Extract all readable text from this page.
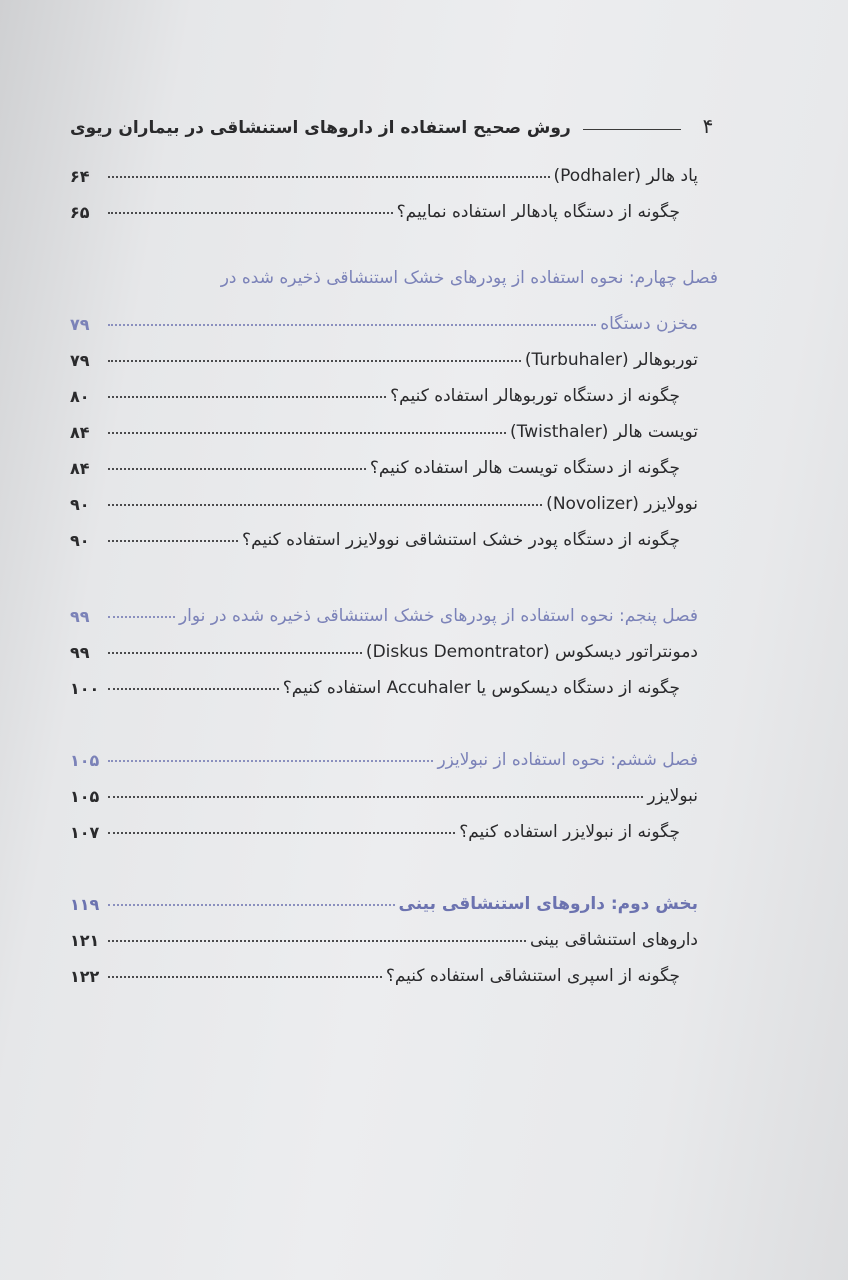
۴
روش صحیح استفاده از داروهای استنشاقی در بیماران ریوی
پاد هالر (Podhaler)
۶۴
چگونه از دستگاه پادهالر استفاده نماییم؟
۶۵
فصل چهارم: نحوه استفاده از پودرهای خشک استنشاقی ذخیره شده در
مخزن دستگاه
۷۹
توربوهالر (Turbuhaler)
۷۹
چگونه از دستگاه توربوهالر استفاده کنیم؟
۸۰
تویست هالر (Twisthaler)
۸۴
چگونه از دستگاه تویست هالر استفاده کنیم؟
۸۴
نوولایزر (Novolizer)
۹۰
چگونه از دستگاه پودر خشک استنشاقی نوولایزر استفاده کنیم؟
۹۰
فصل پنجم: نحوه استفاده از پودرهای خشک استنشاقی ذخیره شده در نوار
۹۹
دمونتراتور دیسکوس (Diskus Demontrator)
۹۹
چگونه از دستگاه دیسکوس یا Accuhaler استفاده کنیم؟
۱۰۰
فصل ششم: نحوه استفاده از نبولایزر
۱۰۵
نبولایزر
۱۰۵
چگونه از نبولایزر استفاده کنیم؟
۱۰۷
بخش دوم: داروهای استنشاقی بینی
۱۱۹
داروهای استنشاقی بینی
۱۲۱
چگونه از اسپری استنشاقی استفاده کنیم؟
۱۲۲
